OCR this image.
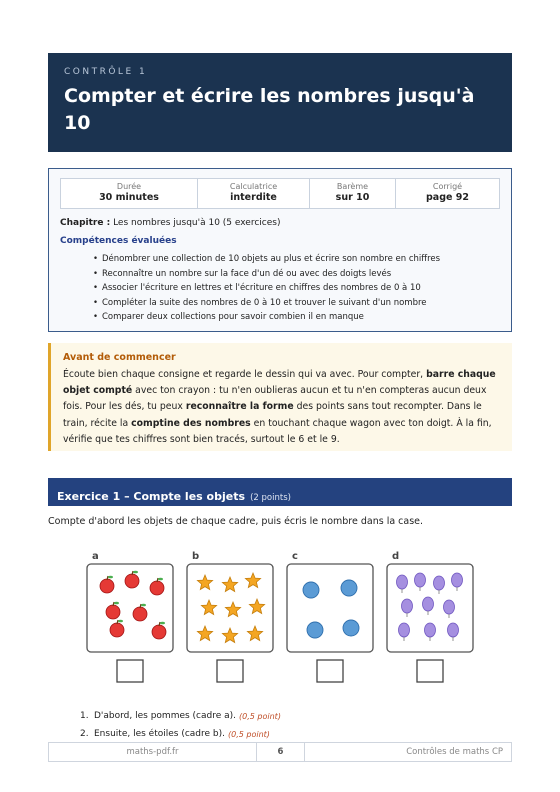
CONTRÔLE 1
Compter et écrire les nombres jusqu'à 10
Durée
30 minutes
Calculatrice
interdite
Barème
sur 10
Corrigé
page 92
Chapitre : Les nombres jusqu'à 10 (5 exercices)
Compétences évaluées
• Dénombrer une collection de 10 objets au plus et écrire son nombre en chiffres
• Reconnaître un nombre sur la face d'un dé ou avec des doigts levés
• Associer l'écriture en lettres et l'écriture en chiffres des nombres de 0 à 10
• Compléter la suite des nombres de 0 à 10 et trouver le suivant d'un nombre
• Comparer deux collections pour savoir combien il en manque
Avant de commencer
Écoute bien chaque consigne et regarde le dessin qui va avec. Pour compter, barre chaque objet compté avec ton crayon : tu n'en oublieras aucun et tu n'en compteras aucun deux fois. Pour les dés, tu peux reconnaître la forme des points sans tout recompter. Dans le train, récite la comptine des nombres en touchant chaque wagon avec ton doigt. À la fin, vérifie que tes chiffres sont bien tracés, surtout le 6 et le 9.
Exercice 1 – Compte les objets (2 points)
Compte d'abord les objets de chaque cadre, puis écris le nombre dans la case.
a	b	c	d
1. D'abord, les pommes (cadre a). (0,5 point)
2. Ensuite, les étoiles (cadre b). (0,5 point)
maths-pdf.fr	6	Contrôles de maths CP
